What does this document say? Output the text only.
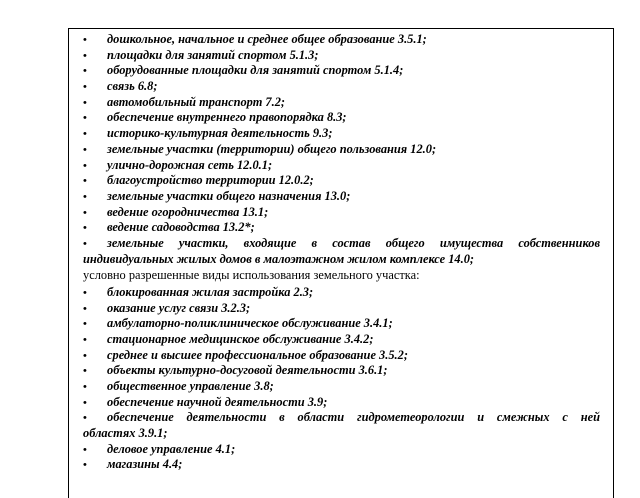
• дошкольное, начальное и среднее общее образование 3.5.1;
• площадки для занятий спортом 5.1.3;
• оборудованные площадки для занятий спортом 5.1.4;
• связь 6.8;
• автомобильный транспорт 7.2;
• обеспечение внутреннего правопорядка 8.3;
• историко-культурная деятельность 9.3;
• земельные участки (территории) общего пользования 12.0;
• улично-дорожная сеть 12.0.1;
• благоустройство территории 12.0.2;
• земельные участки общего назначения 13.0;
• ведение огородничества 13.1;
• ведение садоводства 13.2*;
• земельные участки, входящие в состав общего имущества собственников
индивидуальных жилых домов в малоэтажном жилом комплексе 14.0;
условно разрешенные виды использования земельного участка:
• блокированная жилая застройка 2.3;
• оказание услуг связи 3.2.3;
• амбулаторно-поликлиническое обслуживание 3.4.1;
• стационарное медицинское обслуживание 3.4.2;
• среднее и высшее профессиональное образование 3.5.2;
• объекты культурно-досуговой деятельности 3.6.1;
• общественное управление 3.8;
• обеспечение научной деятельности 3.9;
• обеспечение деятельности в области гидрометеорологии и смежных с ней
областях 3.9.1;
• деловое управление 4.1;
• магазины 4.4;
